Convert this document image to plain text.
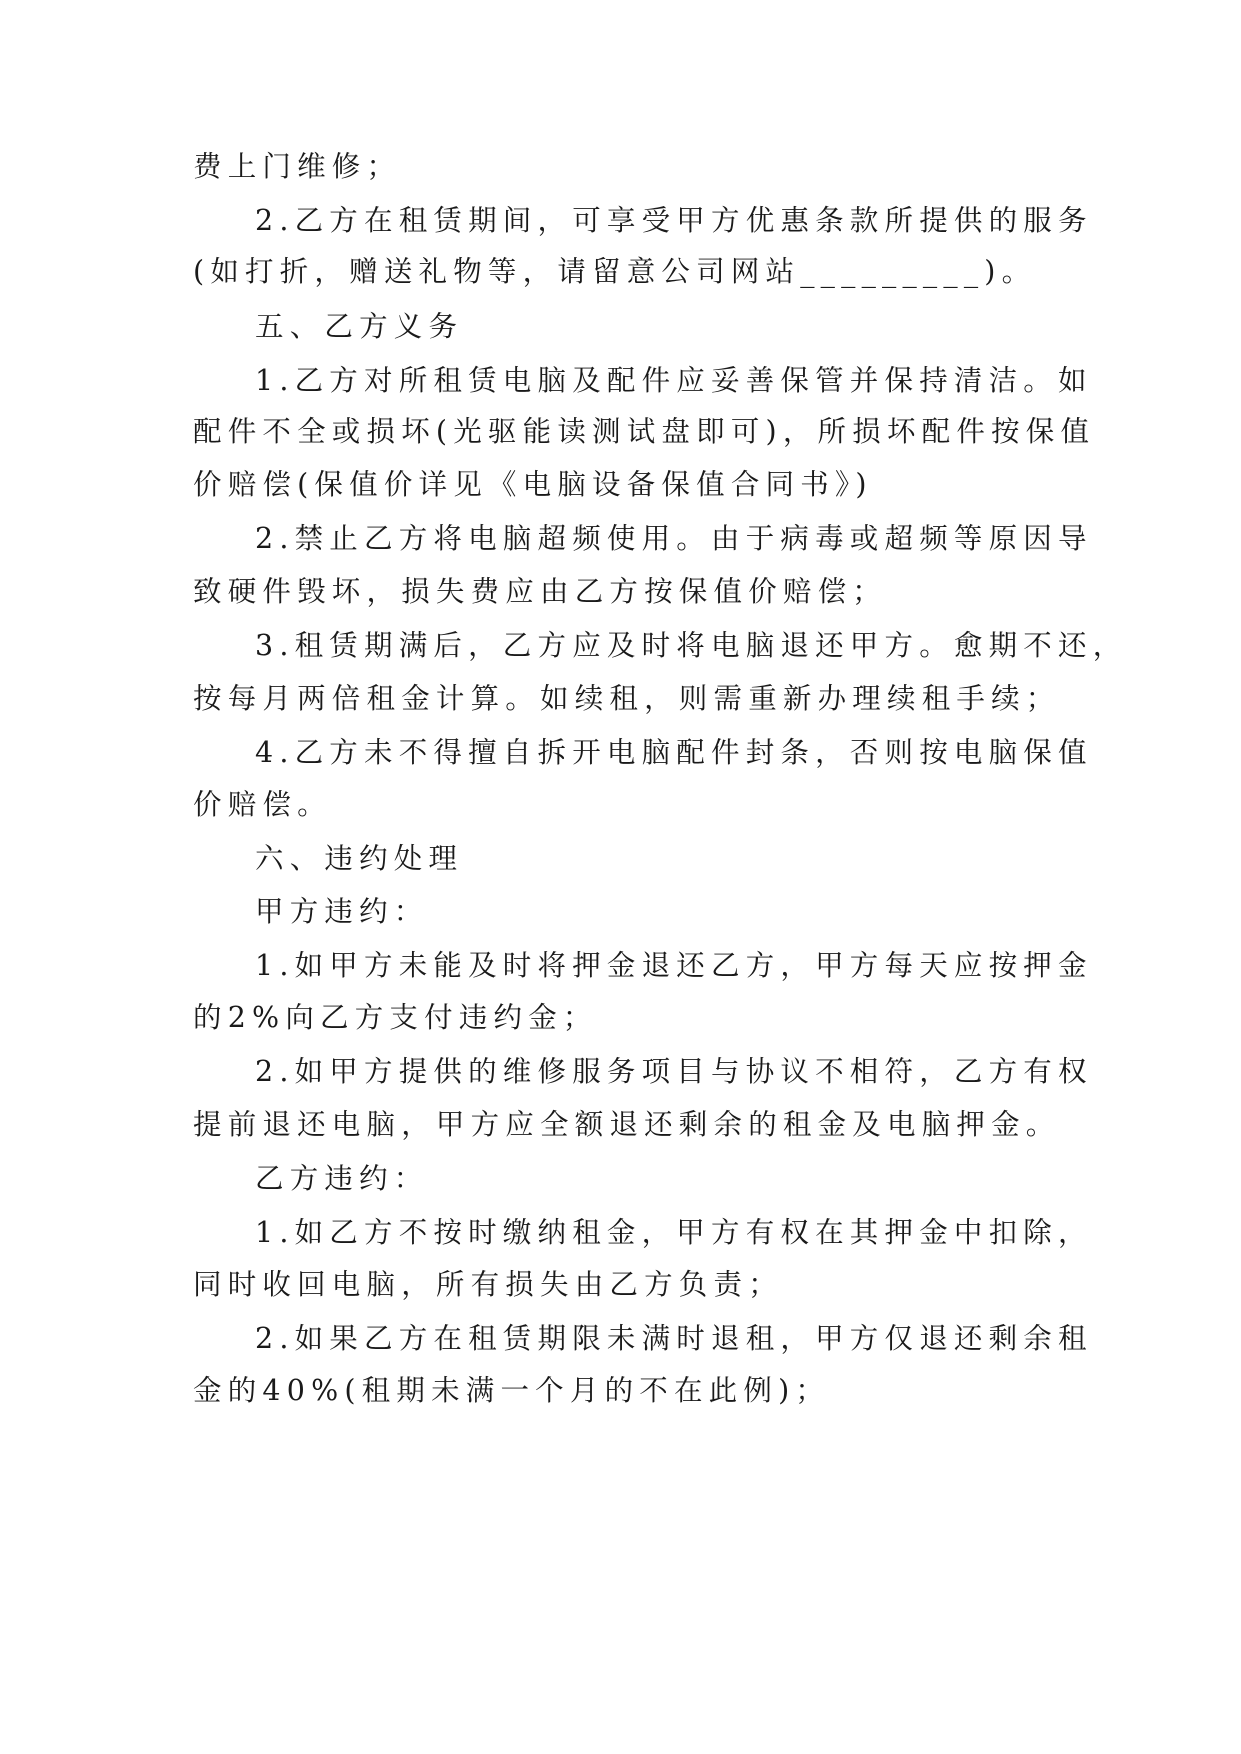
费上门维修；
2.乙方在租赁期间，可享受甲方优惠条款所提供的服务
(如打折，赠送礼物等，请留意公司网站_________)。
五、乙方义务
1.乙方对所租赁电脑及配件应妥善保管并保持清洁。如
配件不全或损坏(光驱能读测试盘即可)，所损坏配件按保值
价赔偿(保值价详见《电脑设备保值合同书》)
2.禁止乙方将电脑超频使用。由于病毒或超频等原因导
致硬件毁坏，损失费应由乙方按保值价赔偿；
3.租赁期满后，乙方应及时将电脑退还甲方。愈期不还，
按每月两倍租金计算。如续租，则需重新办理续租手续；
4.乙方未不得擅自拆开电脑配件封条，否则按电脑保值
价赔偿。
六、违约处理
甲方违约：
1.如甲方未能及时将押金退还乙方，甲方每天应按押金
的2%向乙方支付违约金；
2.如甲方提供的维修服务项目与协议不相符，乙方有权
提前退还电脑，甲方应全额退还剩余的租金及电脑押金。
乙方违约：
1.如乙方不按时缴纳租金，甲方有权在其押金中扣除，
同时收回电脑，所有损失由乙方负责；
2.如果乙方在租赁期限未满时退租，甲方仅退还剩余租
金的40%(租期未满一个月的不在此例)；
